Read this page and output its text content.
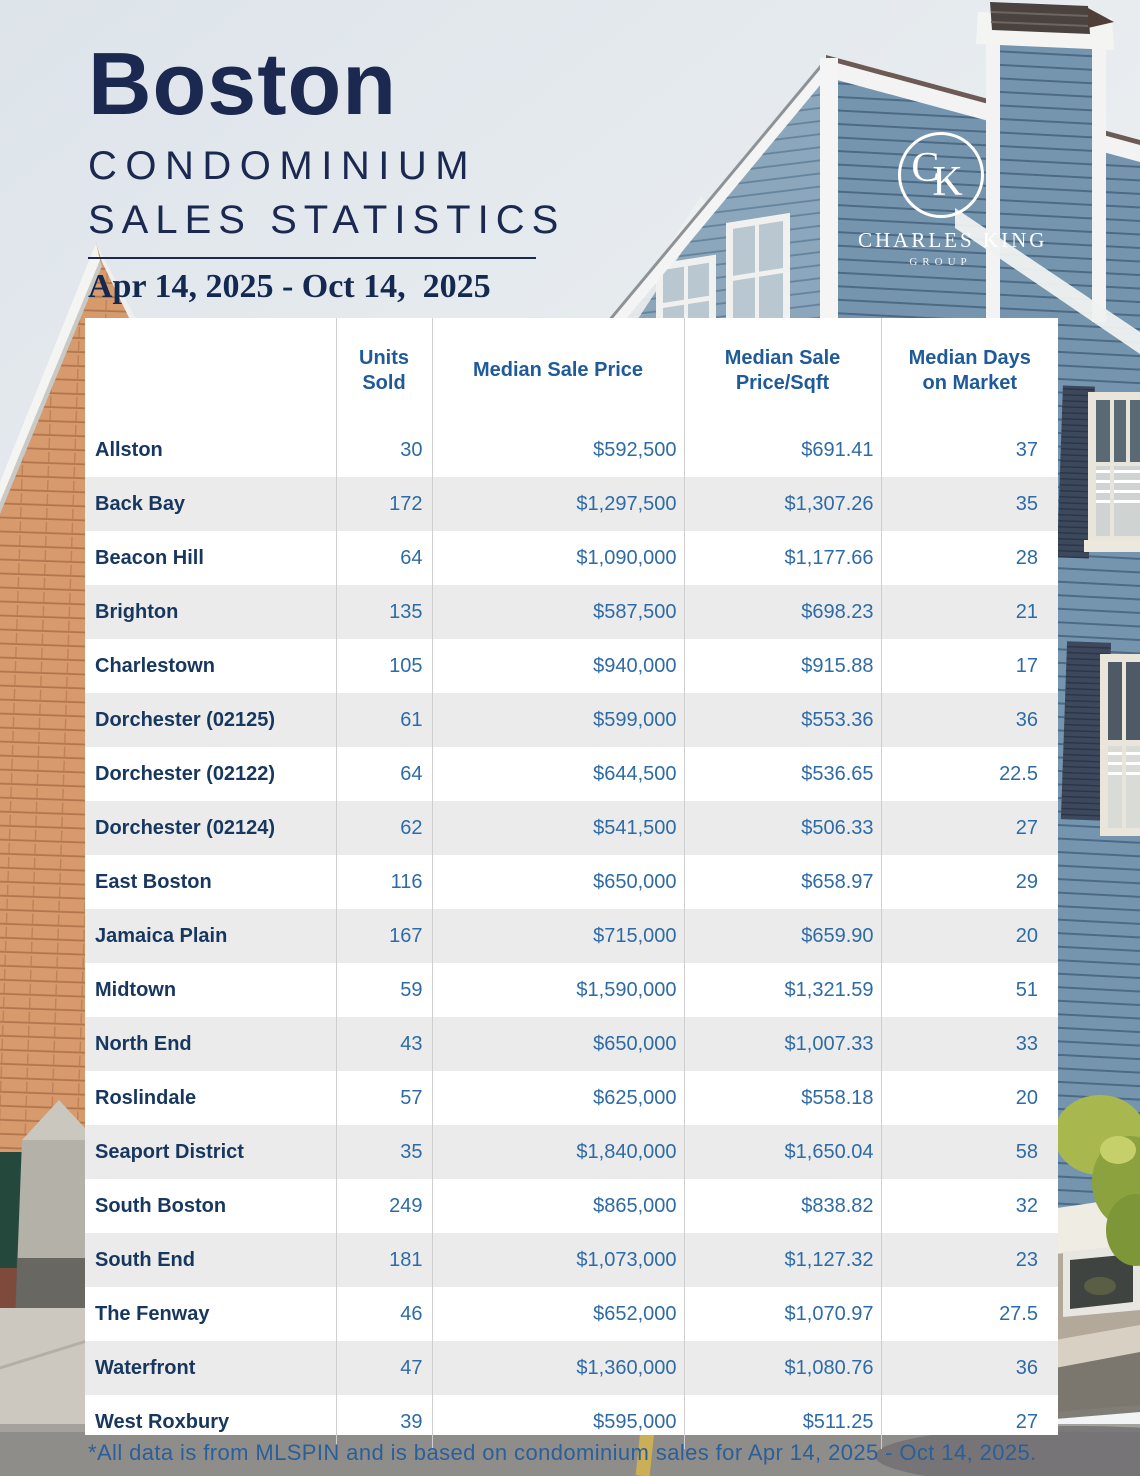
Boston
CONDOMINIUM
SALES STATISTICS
Apr 14, 2025 - Oct 14,  2025
CK
CHARLES KING
GROUP
	Units Sold	Median Sale Price	Median Sale Price/Sqft	Median Days on Market
Allston	30	$592,500	$691.41	37
Back Bay	172	$1,297,500	$1,307.26	35
Beacon Hill	64	$1,090,000	$1,177.66	28
Brighton	135	$587,500	$698.23	21
Charlestown	105	$940,000	$915.88	17
Dorchester (02125)	61	$599,000	$553.36	36
Dorchester (02122)	64	$644,500	$536.65	22.5
Dorchester (02124)	62	$541,500	$506.33	27
East Boston	116	$650,000	$658.97	29
Jamaica Plain	167	$715,000	$659.90	20
Midtown	59	$1,590,000	$1,321.59	51
North End	43	$650,000	$1,007.33	33
Roslindale	57	$625,000	$558.18	20
Seaport District	35	$1,840,000	$1,650.04	58
South Boston	249	$865,000	$838.82	32
South End	181	$1,073,000	$1,127.32	23
The Fenway	46	$652,000	$1,070.97	27.5
Waterfront	47	$1,360,000	$1,080.76	36
West Roxbury	39	$595,000	$511.25	27
*All data is from MLSPIN and is based on condominium sales for Apr 14, 2025 - Oct 14, 2025.
